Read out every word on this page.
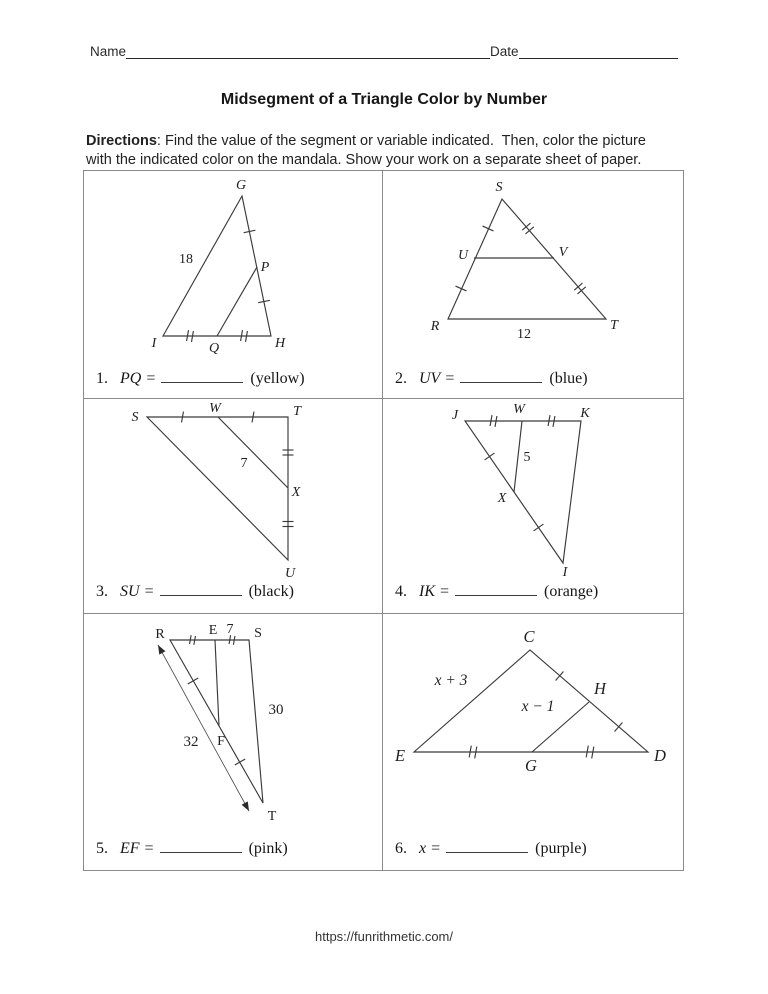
Name	Date
Midsegment of a Triangle Color by Number

Directions: Find the value of the segment or variable indicated.  Then, color the picture
with the indicated color on the mandala. Show your work on a separate sheet of paper.

G
18
P
I	Q	H
1. PQ =	(yellow)
S
U	V
R	T
12
2. UV =	(blue)
S
W	T
7
X
U
3. SU =	(black)
J	W	K
5
X
I
4. IK =	(orange)
R	E 7 S
30
32 F
T
5. EF =	(pink)
C
x + 3	H
x − 1
E
G
D
6. x =	(purple)
https://funrithmetic.com/
